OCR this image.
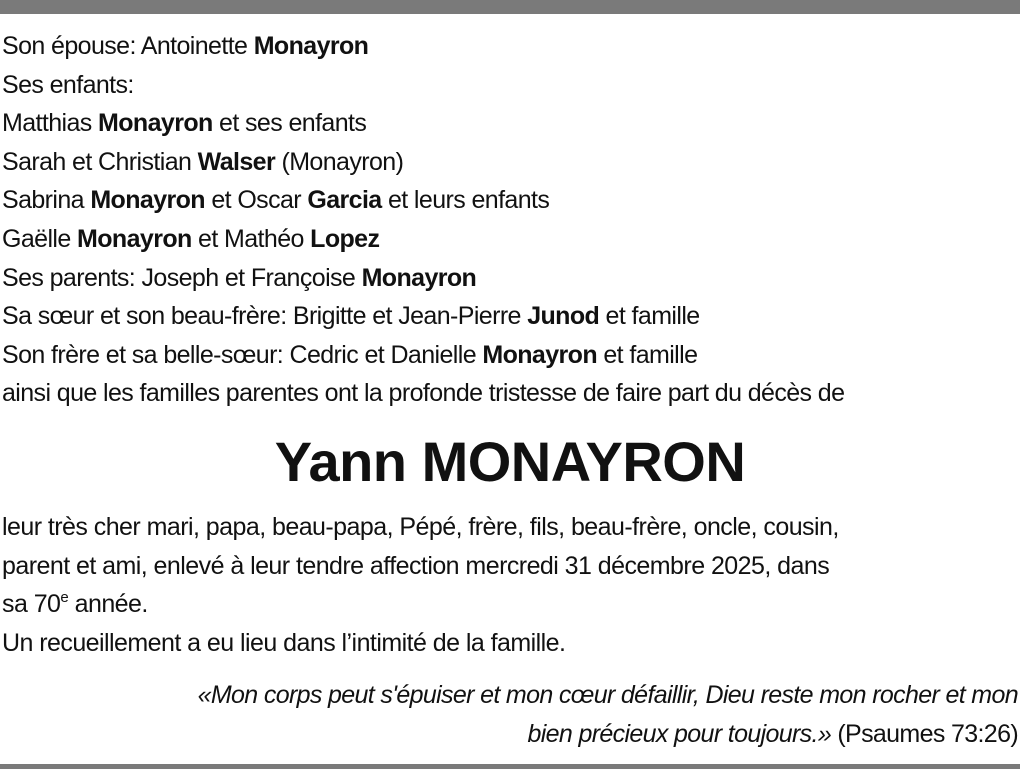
Son épouse: Antoinette Monayron
Ses enfants:
Matthias Monayron et ses enfants
Sarah et Christian Walser (Monayron)
Sabrina Monayron et Oscar Garcia et leurs enfants
Gaëlle Monayron et Mathéo Lopez
Ses parents: Joseph et Françoise Monayron
Sa sœur et son beau-frère: Brigitte et Jean-Pierre Junod et famille
Son frère et sa belle-sœur: Cedric et Danielle Monayron et famille
ainsi que les familles parentes ont la profonde tristesse de faire part du décès de
Yann MONAYRON
leur très cher mari, papa, beau-papa, Pépé, frère, fils, beau-frère, oncle, cousin,
parent et ami, enlevé à leur tendre affection mercredi 31 décembre 2025, dans
sa 70e année.
Un recueillement a eu lieu dans l’intimité de la famille.
«Mon corps peut s'épuiser et mon cœur défaillir, Dieu reste mon rocher et mon
bien précieux pour toujours.» (Psaumes 73:26)
